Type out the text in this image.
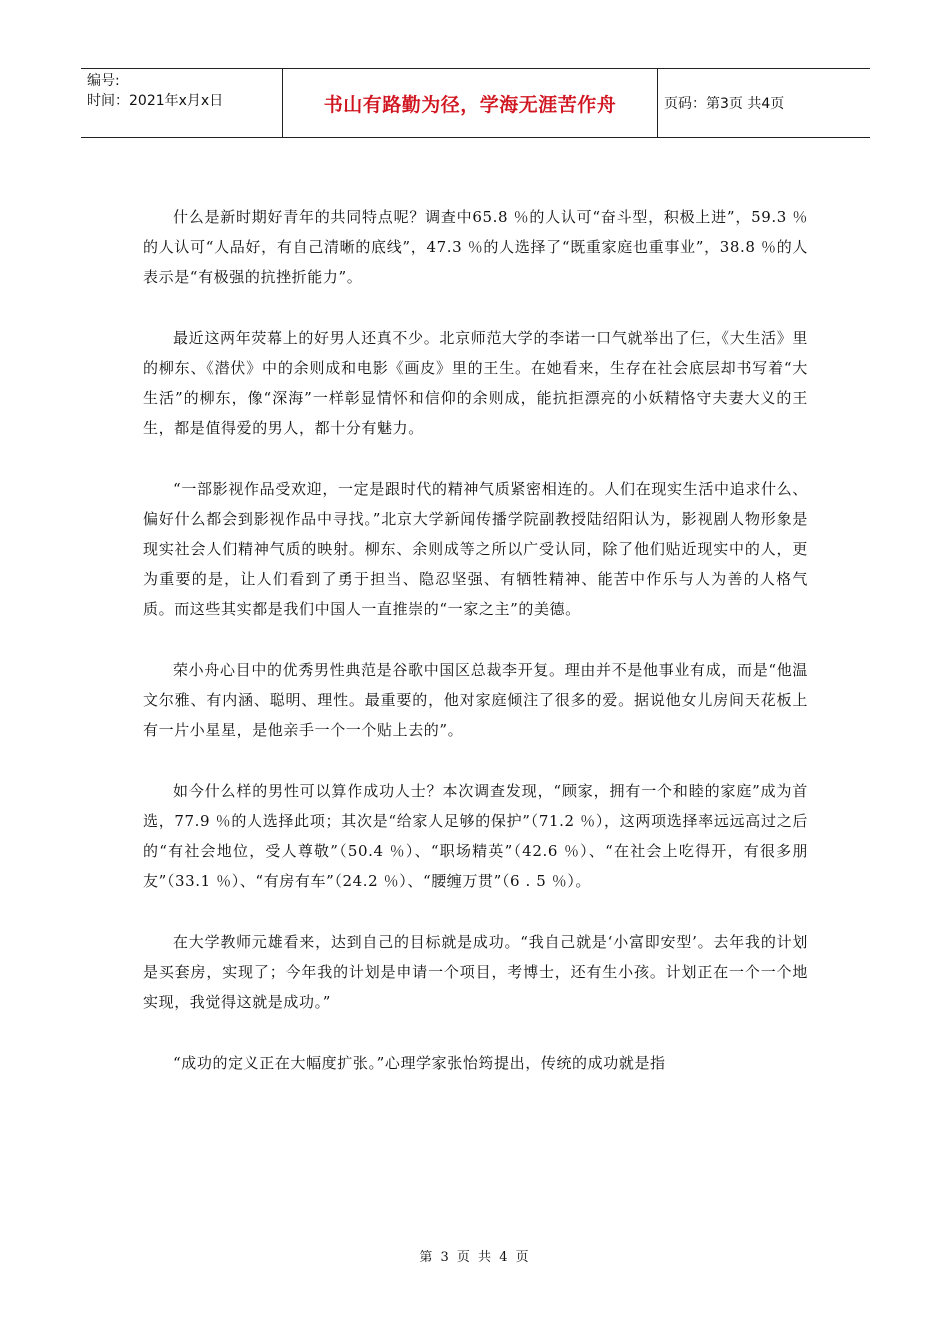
编号:
时间：2021年x月x日	书山有路勤为径，学海无涯苦作舟	页码：第3页 共4页

什么是新时期好青年的共同特点呢？调查中65.8 ％的人认可“奋斗型，积极上进”，59.3 ％的人认可“人品好，有自己清晰的底线”，47.3 ％的人选择了“既重家庭也重事业”，38.8 ％的人表示是“有极强的抗挫折能力”。

最近这两年荧幕上的好男人还真不少。北京师范大学的李诺一口气就举出了仨，《大生活》里的柳东、《潜伏》中的余则成和电影《画皮》里的王生。在她看来，生存在社会底层却书写着“大生活”的柳东，像“深海”一样彰显情怀和信仰的余则成，能抗拒漂亮的小妖精恪守夫妻大义的王生，都是值得爱的男人，都十分有魅力。

“一部影视作品受欢迎，一定是跟时代的精神气质紧密相连的。人们在现实生活中追求什么、偏好什么都会到影视作品中寻找。”北京大学新闻传播学院副教授陆绍阳认为，影视剧人物形象是现实社会人们精神气质的映射。柳东、余则成等之所以广受认同，除了他们贴近现实中的人，更为重要的是，让人们看到了勇于担当、隐忍坚强、有牺牲精神、能苦中作乐与人为善的人格气质。而这些其实都是我们中国人一直推崇的“一家之主”的美德。

荣小舟心目中的优秀男性典范是谷歌中国区总裁李开复。理由并不是他事业有成，而是“他温文尔雅、有内涵、聪明、理性。最重要的，他对家庭倾注了很多的爱。据说他女儿房间天花板上有一片小星星，是他亲手一个一个贴上去的”。

如今什么样的男性可以算作成功人士？本次调查发现，“顾家，拥有一个和睦的家庭”成为首选，77.9 ％的人选择此项；其次是“给家人足够的保护”（71.2 ％），这两项选择率远远高过之后的“有社会地位，受人尊敬”（50.4 ％）、“职场精英”（42.6 ％）、“在社会上吃得开，有很多朋友”（33.1 ％）、“有房有车”（24.2 ％）、“腰缠万贯”（6 . 5 ％）。

在大学教师元雄看来，达到自己的目标就是成功。“我自己就是‘小富即安型’。去年我的计划是买套房，实现了；今年我的计划是申请一个项目，考博士，还有生小孩。计划正在一个一个地实现，我觉得这就是成功。”

“成功的定义正在大幅度扩张。”心理学家张怡筠提出，传统的成功就是指

第 3 页 共 4 页
